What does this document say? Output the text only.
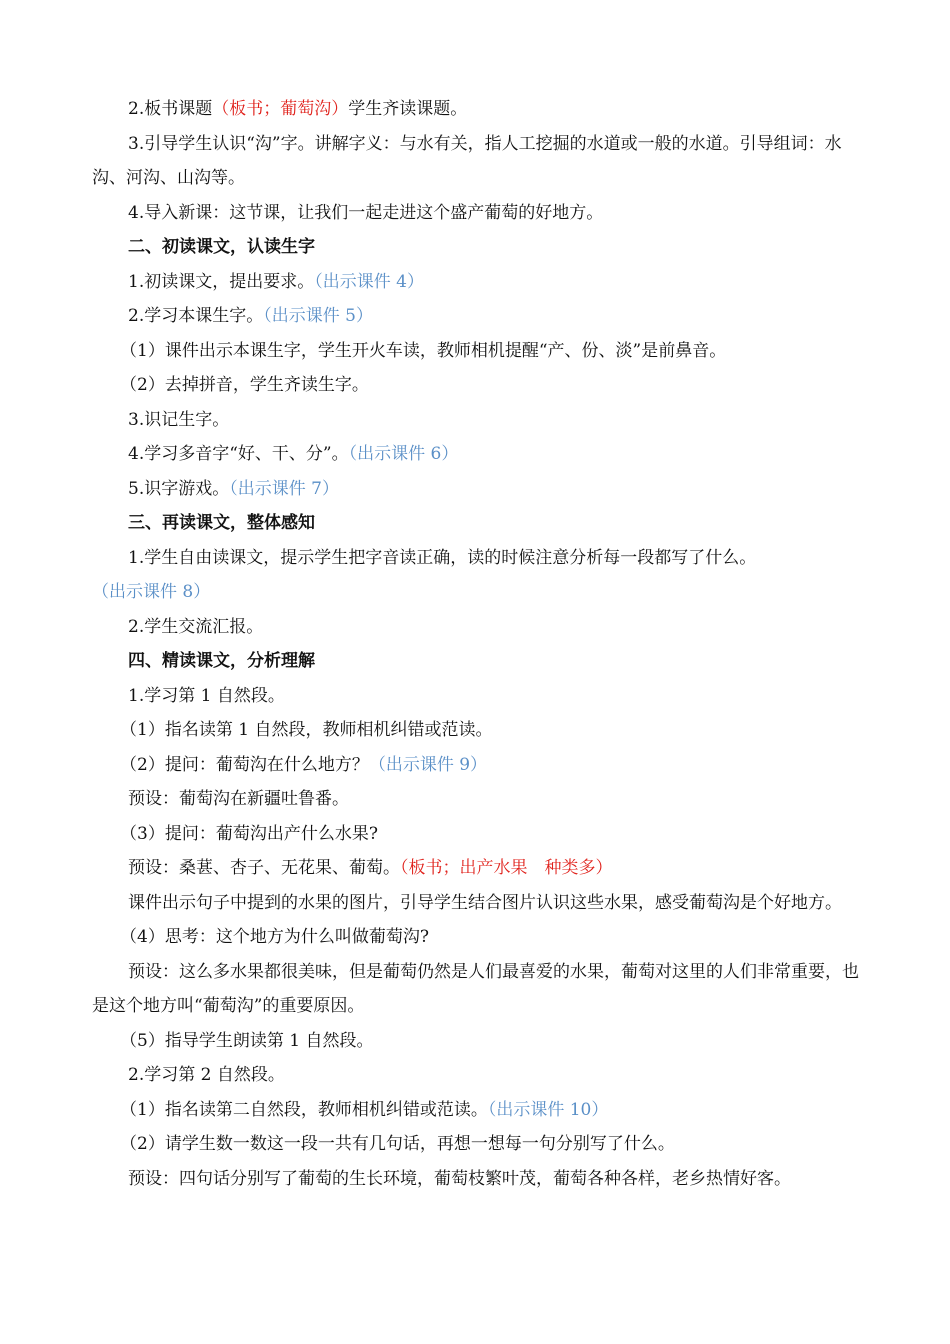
2.板书课题（板书；葡萄沟）学生齐读课题。
3.引导学生认识“沟”字。讲解字义：与水有关，指人工挖掘的水道或一般的水道。引导组词：水沟、河沟、山沟等。
4.导入新课：这节课，让我们一起走进这个盛产葡萄的好地方。
二、初读课文，认读生字
1.初读课文，提出要求。（出示课件 4）
2.学习本课生字。（出示课件 5）
（1）课件出示本课生字，学生开火车读，教师相机提醒“产、份、淡”是前鼻音。
（2）去掉拼音，学生齐读生字。
3.识记生字。
4.学习多音字“好、干、分”。（出示课件 6）
5.识字游戏。（出示课件 7）
三、再读课文，整体感知
1.学生自由读课文，提示学生把字音读正确，读的时候注意分析每一段都写了什么。
（出示课件 8）
2.学生交流汇报。
四、精读课文，分析理解
1.学习第 1 自然段。
（1）指名读第 1 自然段，教师相机纠错或范读。
（2）提问：葡萄沟在什么地方？（出示课件 9）
预设：葡萄沟在新疆吐鲁番。
（3）提问：葡萄沟出产什么水果?
预设：桑葚、杏子、无花果、葡萄。（板书；出产水果　种类多）
课件出示句子中提到的水果的图片，引导学生结合图片认识这些水果，感受葡萄沟是个好地方。
（4）思考：这个地方为什么叫做葡萄沟?
预设：这么多水果都很美味，但是葡萄仍然是人们最喜爱的水果，葡萄对这里的人们非常重要，也是这个地方叫“葡萄沟”的重要原因。
（5）指导学生朗读第 1 自然段。
2.学习第 2 自然段。
（1）指名读第二自然段，教师相机纠错或范读。（出示课件 10）
（2）请学生数一数这一段一共有几句话，再想一想每一句分别写了什么。
预设：四句话分别写了葡萄的生长环境，葡萄枝繁叶茂，葡萄各种各样，老乡热情好客。
